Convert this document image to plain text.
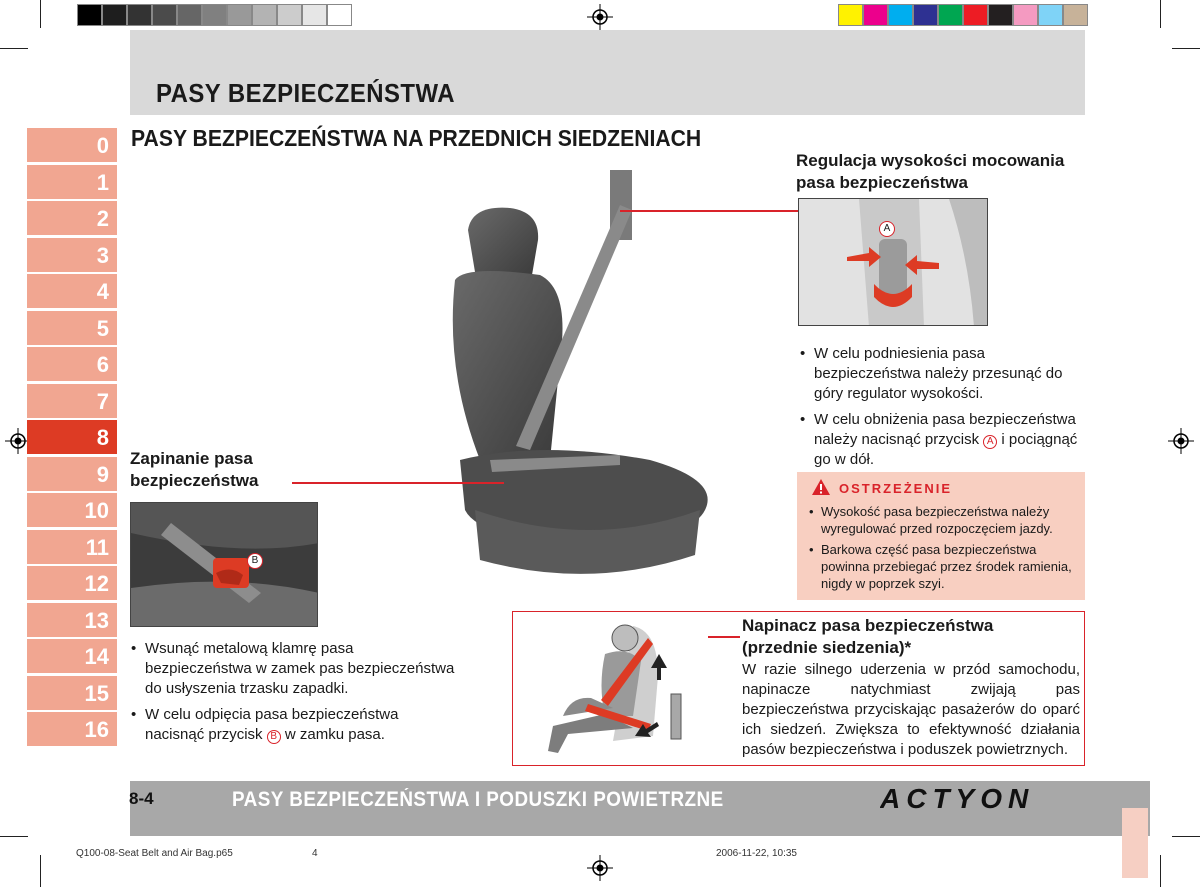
PASY BEZPIECZEŃSTWA
0
1
2
3
4
5
6
7
8
9
10
11
12
13
14
15
16
PASY BEZPIECZEŃSTWA NA PRZEDNICH SIEDZENIACH
Regulacja wysokości mocowania
pasa bezpieczeństwa
A
• W celu podniesienia pasa bezpieczeństwa należy przesunąć do góry regulator wysokości.
• W celu obniżenia pasa bezpieczeństwa należy nacisnąć przycisk A i pociągnąć go w dół.
OSTRZEŻENIE
• Wysokość pasa bezpieczeństwa należy wyregulować przed rozpoczęciem jazdy.
• Barkowa część pasa bezpieczeństwa powinna przebiegać przez środek ramienia, nigdy w poprzek szyi.
Zapinanie pasa
bezpieczeństwa
B
• Wsunąć metalową klamrę pasa bezpieczeństwa w zamek pas bezpieczeństwa do usłyszenia trzasku zapadki.
• W celu odpięcia pasa bezpieczeństwa nacisnąć przycisk B w zamku pasa.
Napinacz pasa bezpieczeństwa
(przednie siedzenia)*
W razie silnego uderzenia w przód samochodu, napinacze natychmiast zwijają pas bezpieczeństwa przyciskając pasażerów do oparć ich siedzeń. Zwiększa to efektywność działania pasów bezpieczeństwa i poduszek powietrznych.
8-4	PASY BEZPIECZEŃSTWA I PODUSZKI POWIETRZNE	ACTYON
Q100-08-Seat Belt and Air Bag.p65	4	2006-11-22, 10:35
